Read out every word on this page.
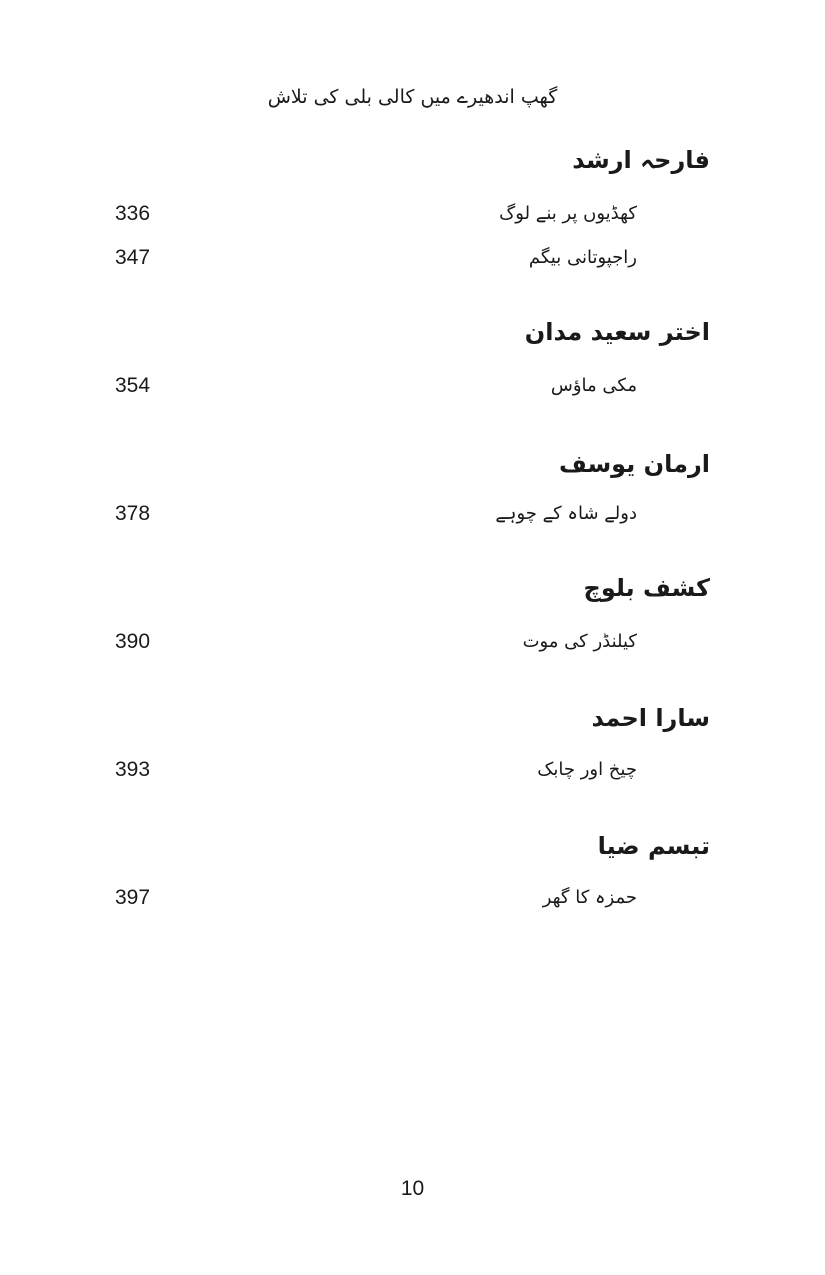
گھپ اندھیرے میں کالی بلی کی تلاش
فارحہ ارشد
کھڈیوں پر بنے لوگ
336
راجپوتانی بیگم
347
اختر سعید مدان
مکی ماؤس
354
ارمان یوسف
دولے شاہ کے چوہے
378
کشف بلوچ
کیلنڈر کی موت
390
سارا احمد
چیخ اور چابک
393
تبسم ضیا
حمزہ کا گھر
397
10
